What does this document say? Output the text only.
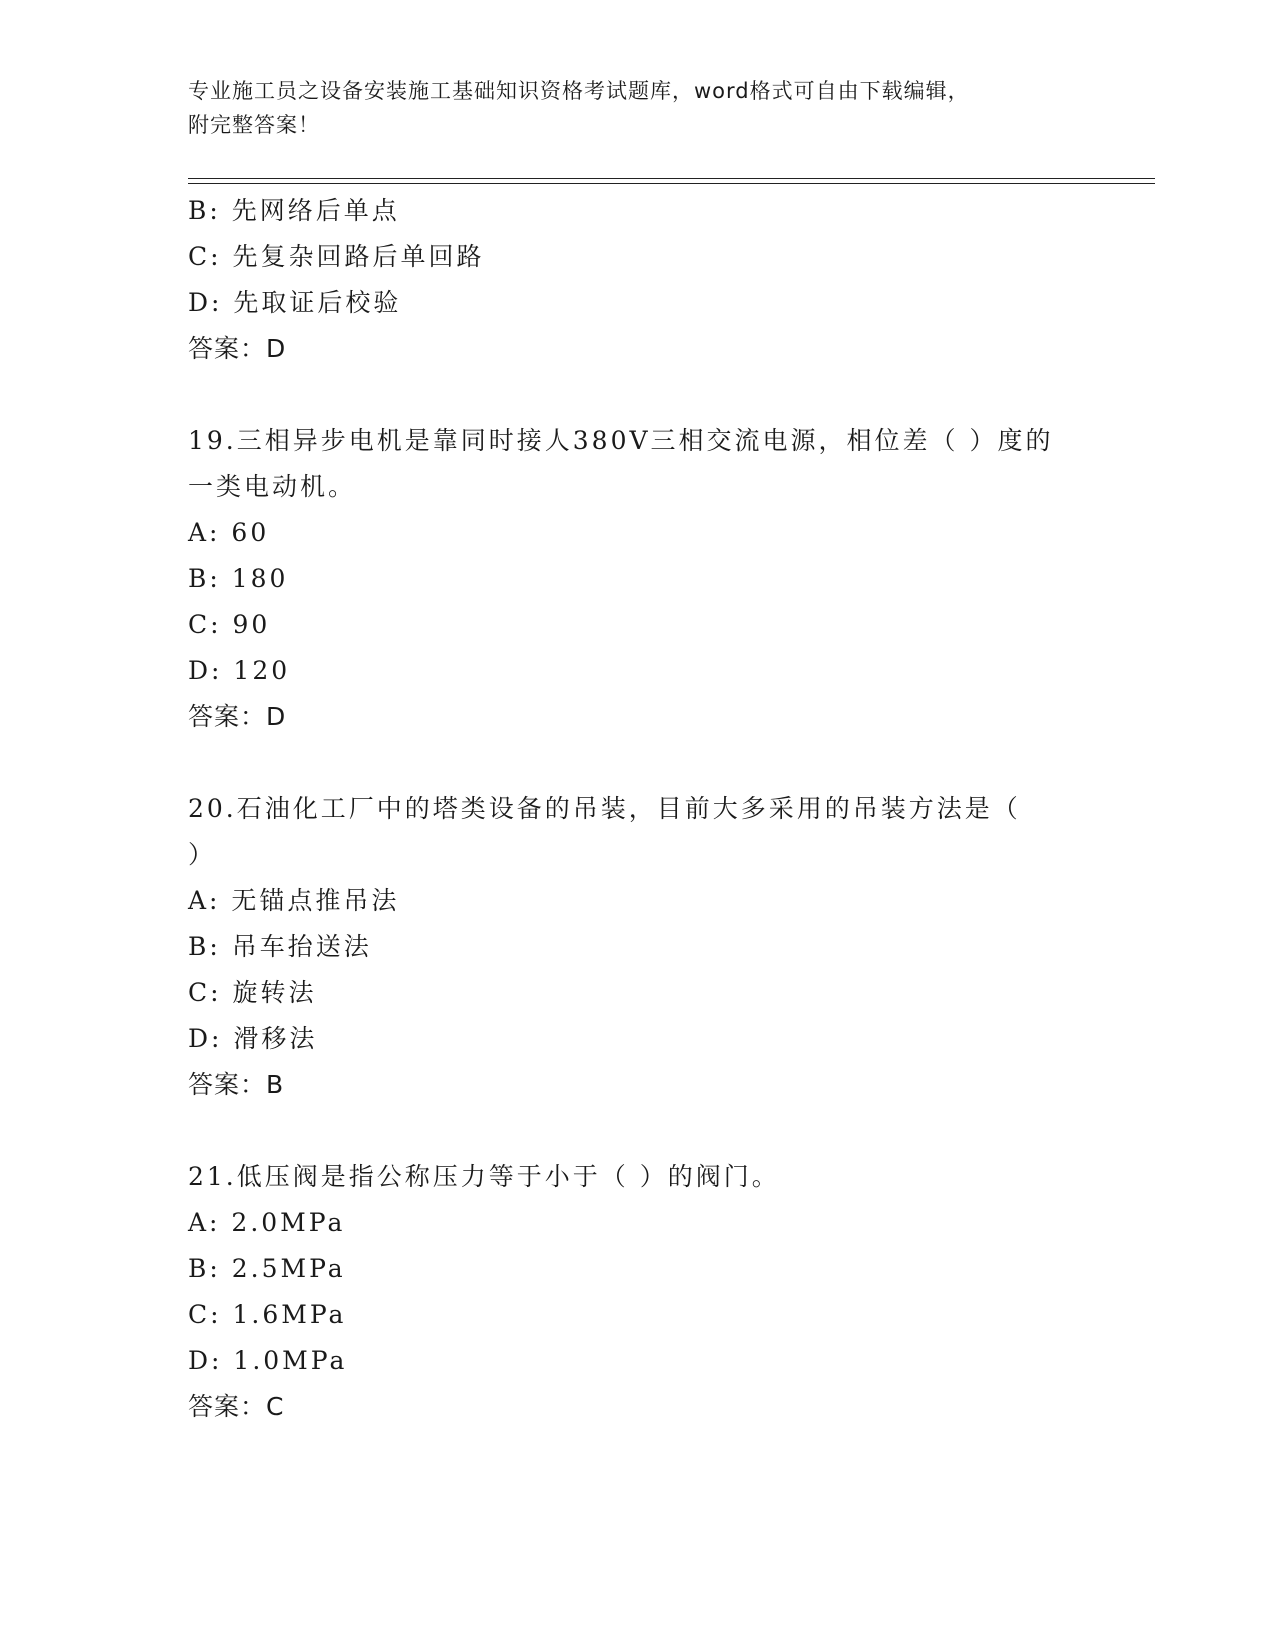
专业施工员之设备安装施工基础知识资格考试题库，word格式可自由下载编辑，
附完整答案！
B: 先网络后单点
C: 先复杂回路后单回路
D: 先取证后校验
答案：D
19.三相异步电机是靠同时接人380V三相交流电源，相位差（ ）度的
一类电动机。
A: 60
B: 180
C: 90
D: 120
答案：D
20.石油化工厂中的塔类设备的吊装，目前大多采用的吊装方法是（
）
A: 无锚点推吊法
B: 吊车抬送法
C: 旋转法
D: 滑移法
答案：B
21.低压阀是指公称压力等于小于（ ）的阀门。
A: 2.0MPa
B: 2.5MPa
C: 1.6MPa
D: 1.0MPa
答案：C
